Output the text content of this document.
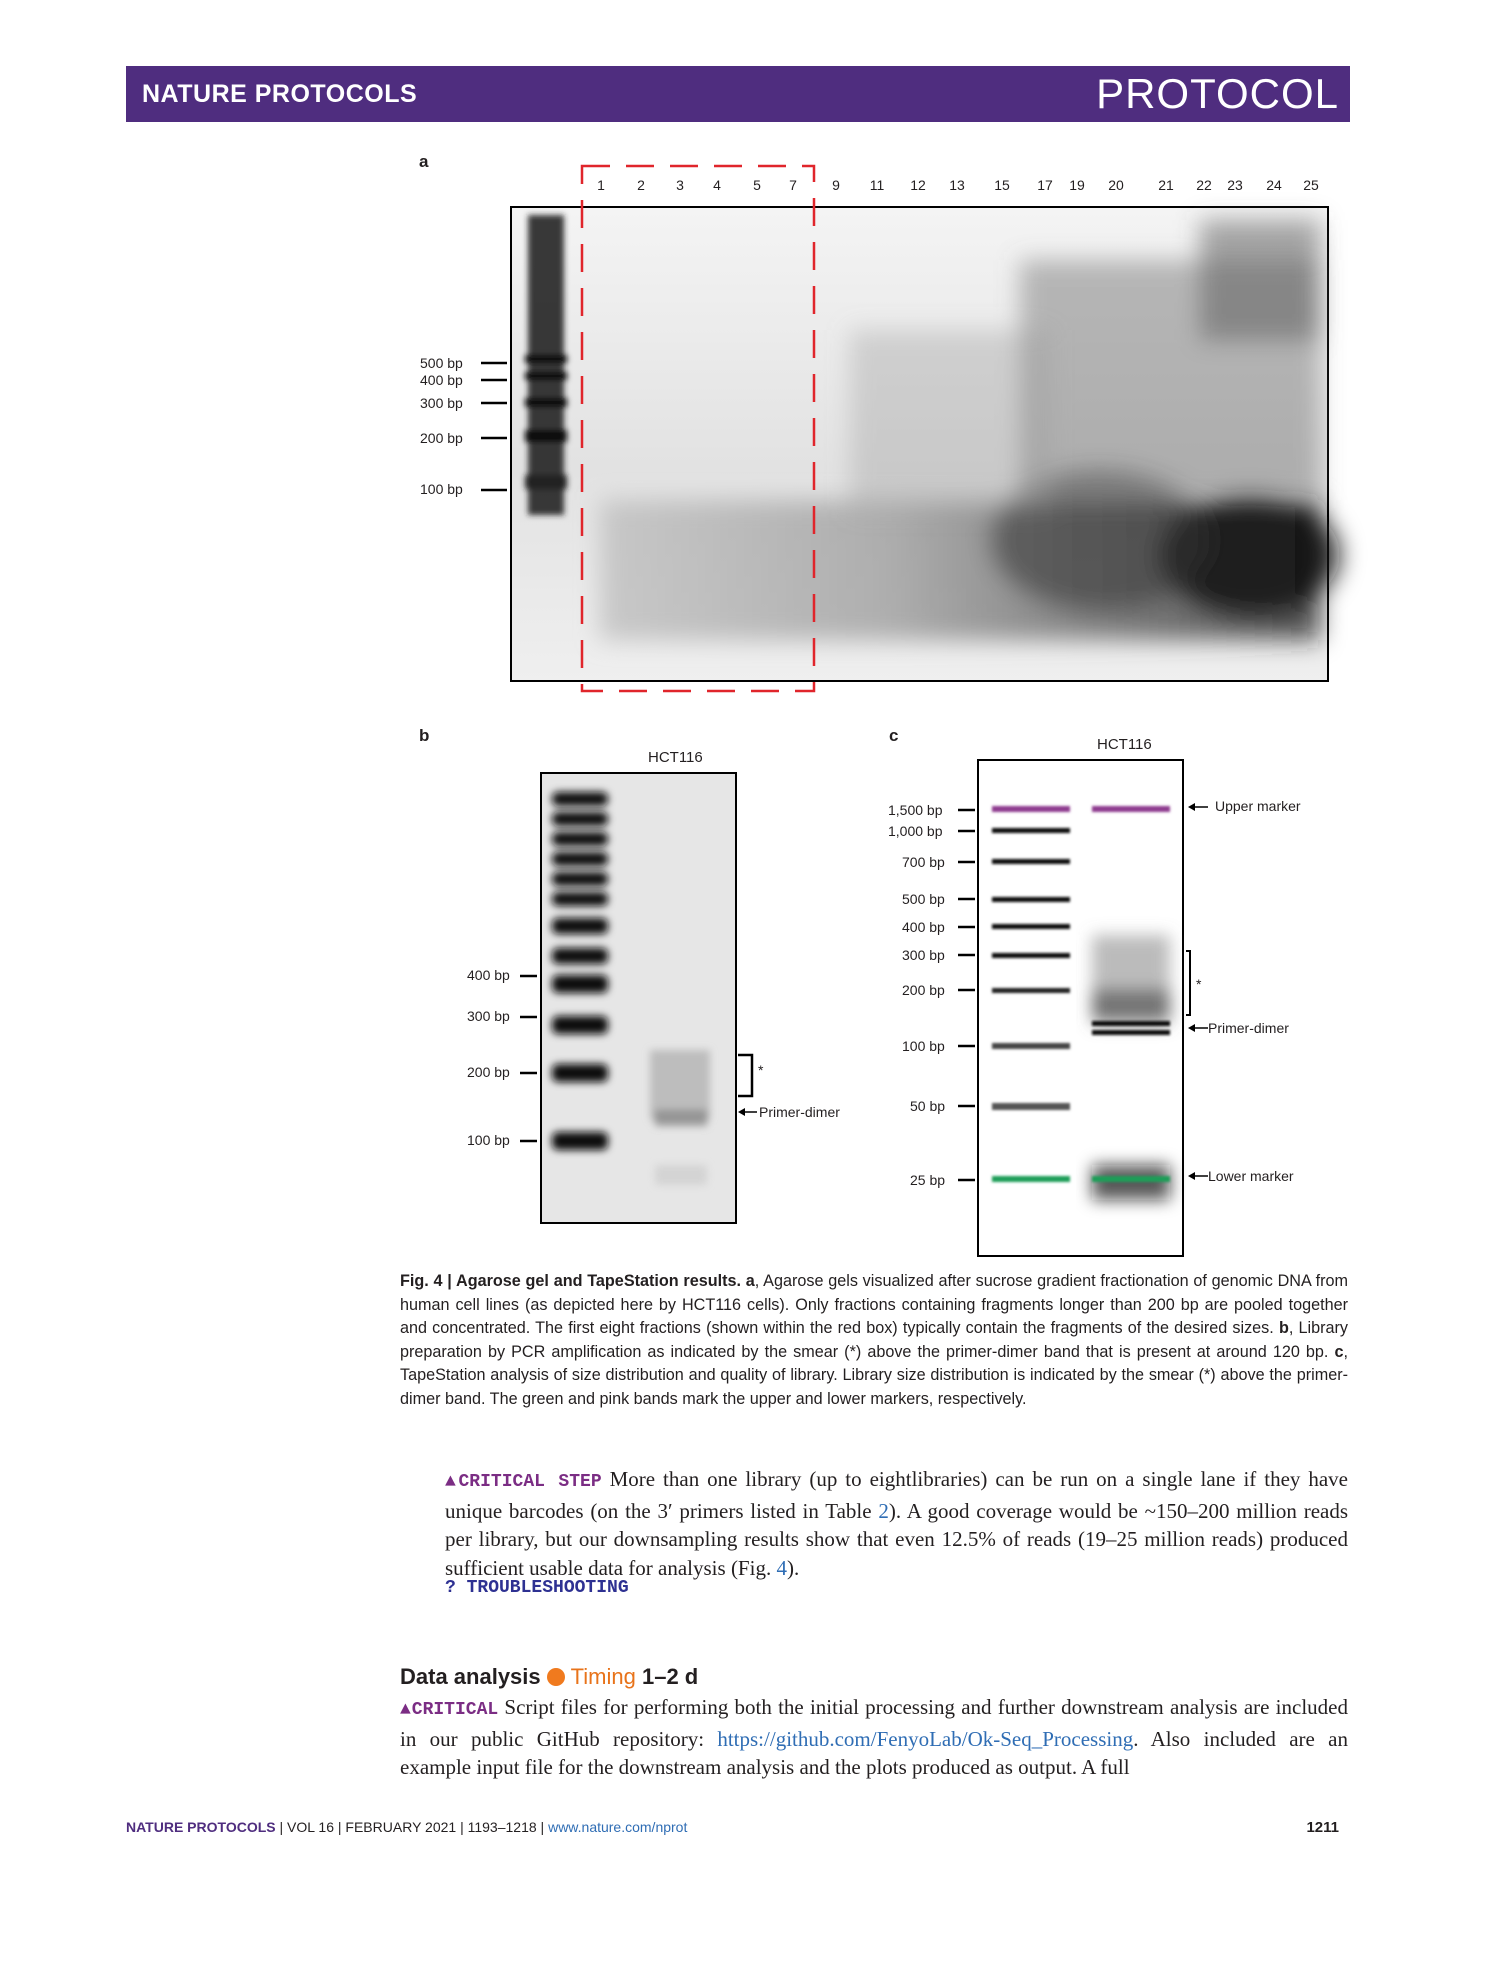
NATURE PROTOCOLS	PROTOCOL
a
1 2 3 4 5 7	9 11 12 13 15 17 19 20 21 22 23 24 25
500 bp
400 bp
300 bp
200 bp
100 bp
b
HCT116
400 bp
300 bp
200 bp
100 bp
*
Primer-dimer
c	HCT116
1,500 bp
1,000 bp
700 bp
500 bp
400 bp
300 bp
200 bp
100 bp
50 bp
25 bp
Upper marker
*
Primer-dimer
Lower marker
Fig. 4 | Agarose gel and TapeStation results. a, Agarose gels visualized after sucrose gradient fractionation of genomic DNA from human cell lines (as depicted here by HCT116 cells). Only fractions containing fragments longer than 200 bp are pooled together and concentrated. The first eight fractions (shown within the red box) typically contain the fragments of the desired sizes. b, Library preparation by PCR amplification as indicated by the smear (*) above the primer-dimer band that is present at around 120 bp. c, TapeStation analysis of size distribution and quality of library. Library size distribution is indicated by the smear (*) above the primer-dimer band. The green and pink bands mark the upper and lower markers, respectively.
▲CRITICAL STEP More than one library (up to eightlibraries) can be run on a single lane if they have unique barcodes (on the 3′ primers listed in Table 2). A good coverage would be ~150–200 million reads per library, but our downsampling results show that even 12.5% of reads (19–25 million reads) produced sufficient usable data for analysis (Fig. 4).
? TROUBLESHOOTING
Data analysis Timing 1–2 d
▲CRITICAL Script files for performing both the initial processing and further downstream analysis are included in our public GitHub repository: https://github.com/FenyoLab/Ok-Seq_Processing. Also included are an example input file for the downstream analysis and the plots produced as output. A full
NATURE PROTOCOLS | VOL 16 | FEBRUARY 2021 | 1193–1218 | www.nature.com/nprot	1211
